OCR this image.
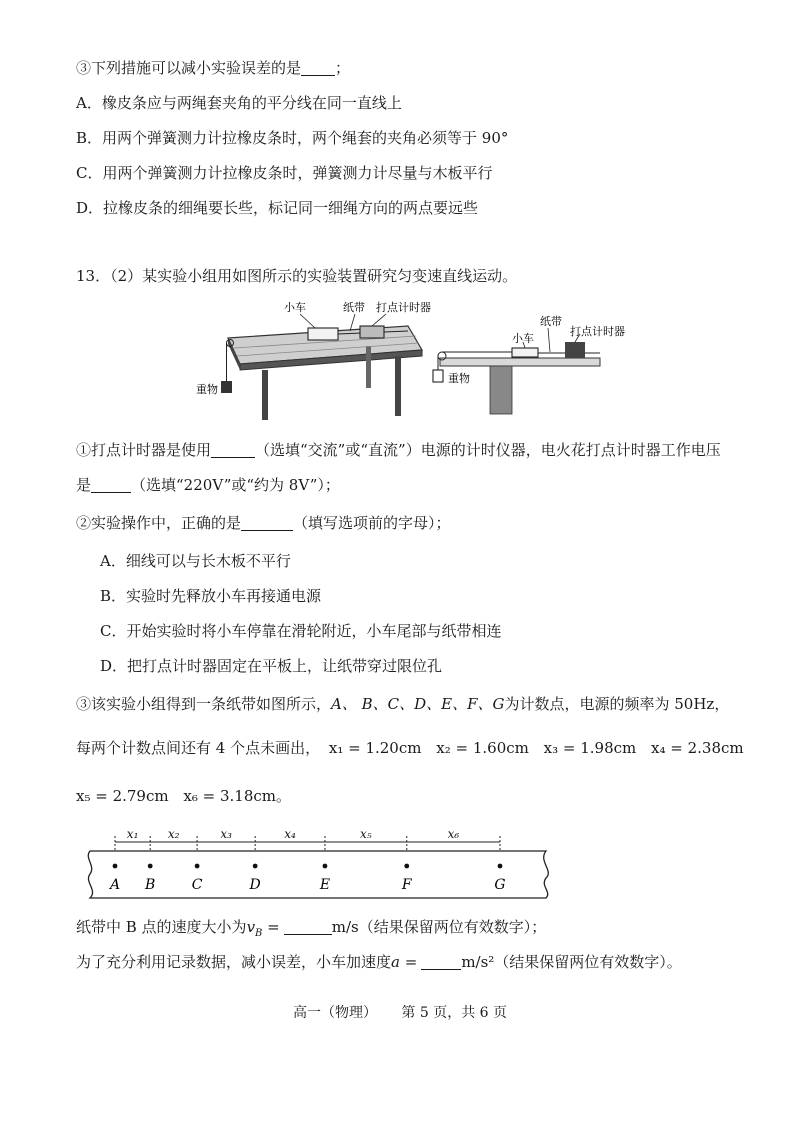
③下列措施可以减小实验误差的是 ；
A．橡皮条应与两绳套夹角的平分线在同一直线上
B．用两个弹簧测力计拉橡皮条时，两个绳套的夹角必须等于 90°
C．用两个弹簧测力计拉橡皮条时，弹簧测力计尽量与木板平行
D．拉橡皮条的细绳要长些，标记同一细绳方向的两点要远些
13．（2）某实验小组用如图所示的实验装置研究匀变速直线运动。
小车	纸带 打点计时器
重物
纸带
打点计时器
小车
重物
①打点计时器是使用	（选填“交流”或“直流”）电源的计时仪器，电火花打点计时器工作电压
是	（选填“220V”或“约为 8V”）；
②实验操作中，正确的是	（填写选项前的字母）；
A．细线可以与长木板不平行
B．实验时先释放小车再接通电源
C．开始实验时将小车停靠在滑轮附近，小车尾部与纸带相连
D．把打点计时器固定在平板上，让纸带穿过限位孔
③该实验小组得到一条纸带如图所示，A、 B、C、D、E、F、G为计数点，电源的频率为 50Hz，
每两个计数点间还有 4 个点未画出， x₁ = 1.20cm x₂ = 1.60cm x₃ = 1.98cm x₄ = 2.38cm
x₅ = 2.79cm x₆ = 3.18cm。
x₁ x₂	x₃	x₄	x₅	x₆
A B	C	D	E	F	G
纸带中 B 点的速度大小为$v_B$ =	m/s（结果保留两位有效数字）；
为了充分利用记录数据，减小误差，小车加速度a =	m/s²（结果保留两位有效数字）。
高一（物理） 第 5 页，共 6 页
